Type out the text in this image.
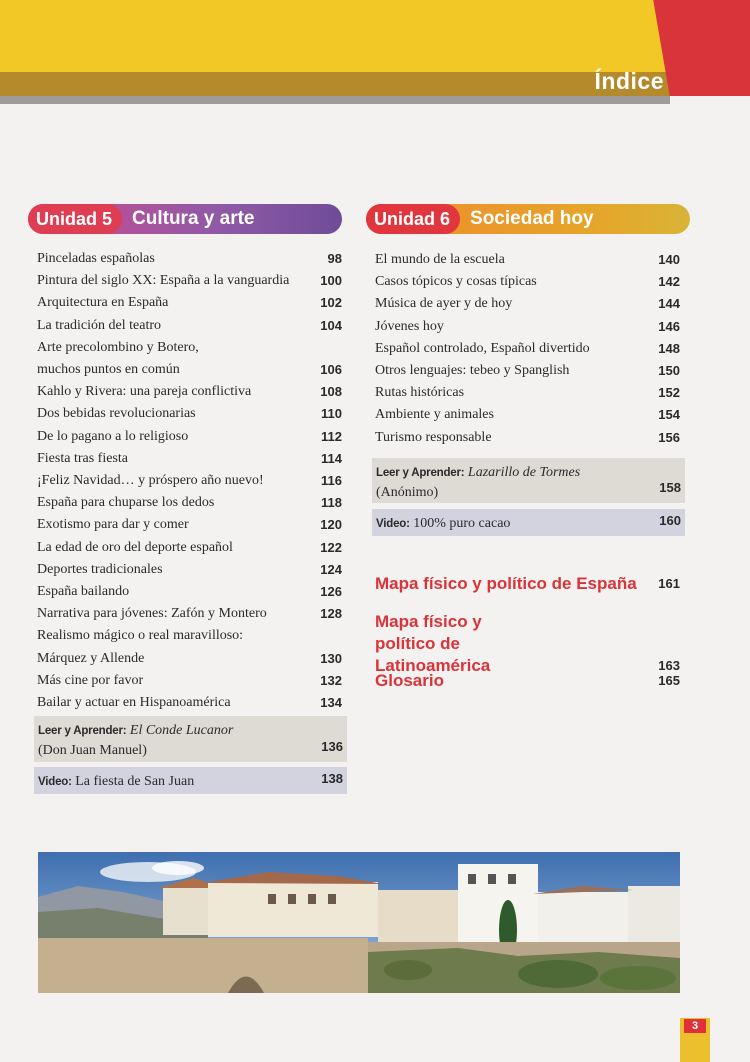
Índice
Unidad 5	Cultura y arte
Pinceladas españolas	98
Pintura del siglo XX: España a la vanguardia	100
Arquitectura en España	102
La tradición del teatro	104
Arte precolombino y Botero, muchos puntos en común	106
Kahlo y Rivera: una pareja conflictiva	108
Dos bebidas revolucionarias	110
De lo pagano a lo religioso	112
Fiesta tras fiesta	114
¡Feliz Navidad… y próspero año nuevo!	116
España para chuparse los dedos	118
Exotismo para dar y comer	120
La edad de oro del deporte español	122
Deportes tradicionales	124
España bailando	126
Narrativa para jóvenes: Zafón y Montero	128
Realismo mágico o real maravilloso: Márquez y Allende	130
Más cine por favor	132
Bailar y actuar en Hispanoamérica	134
Leer y Aprender: El Conde Lucanor
(Don Juan Manuel)	136
Video: La fiesta de San Juan	138
Unidad 6	Sociedad hoy
El mundo de la escuela	140
Casos tópicos y cosas típicas	142
Música de ayer y de hoy	144
Jóvenes hoy	146
Español controlado, Español divertido	148
Otros lenguajes: tebeo y Spanglish	150
Rutas históricas	152
Ambiente y animales	154
Turismo responsable	156
Leer y Aprender: Lazarillo de Tormes
(Anónimo)	158
Video: 100% puro cacao	160
Mapa físico y político de España	161
Mapa físico y político de Latinoamérica	163
Glosario	165
3
